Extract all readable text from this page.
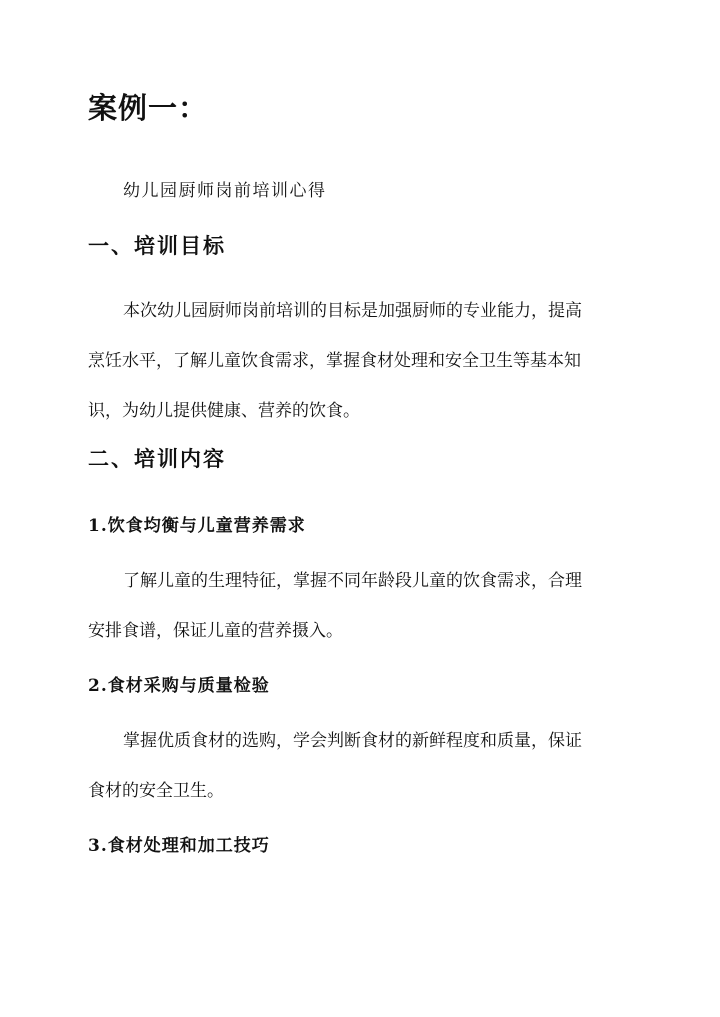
案例一：
幼儿园厨师岗前培训心得
一、培训目标
本次幼儿园厨师岗前培训的目标是加强厨师的专业能力，提高
烹饪水平，了解儿童饮食需求，掌握食材处理和安全卫生等基本知
识，为幼儿提供健康、营养的饮食。
二、培训内容
1.饮食均衡与儿童营养需求
了解儿童的生理特征，掌握不同年龄段儿童的饮食需求，合理
安排食谱，保证儿童的营养摄入。
2.食材采购与质量检验
掌握优质食材的选购，学会判断食材的新鲜程度和质量，保证
食材的安全卫生。
3.食材处理和加工技巧
